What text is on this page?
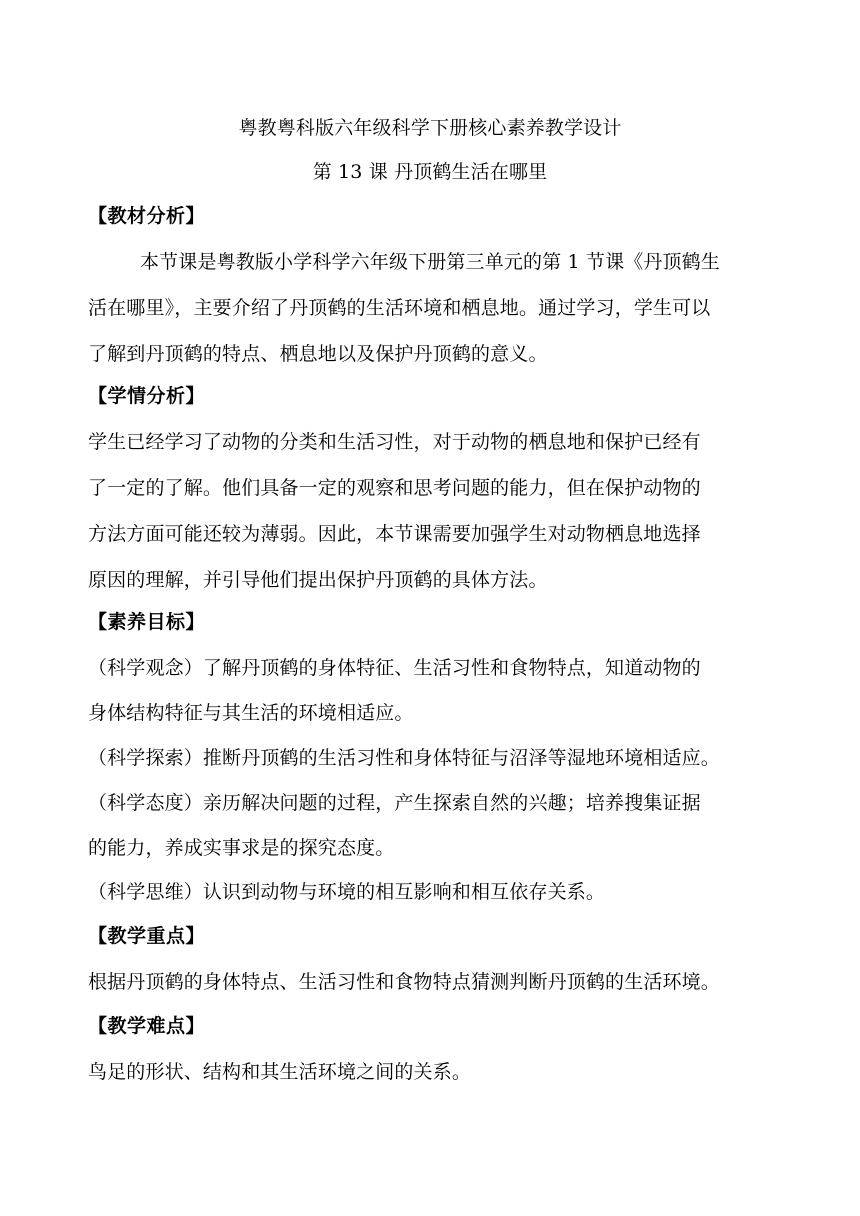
粤教粤科版六年级科学下册核心素养教学设计
第 13 课 丹顶鹤生活在哪里
【教材分析】
本节课是粤教版小学科学六年级下册第三单元的第 1 节课《丹顶鹤生
活在哪里》，主要介绍了丹顶鹤的生活环境和栖息地。通过学习，学生可以
了解到丹顶鹤的特点、栖息地以及保护丹顶鹤的意义。
【学情分析】
学生已经学习了动物的分类和生活习性，对于动物的栖息地和保护已经有
了一定的了解。他们具备一定的观察和思考问题的能力，但在保护动物的
方法方面可能还较为薄弱。因此，本节课需要加强学生对动物栖息地选择
原因的理解，并引导他们提出保护丹顶鹤的具体方法。
【素养目标】
（科学观念）了解丹顶鹤的身体特征、生活习性和食物特点，知道动物的
身体结构特征与其生活的环境相适应。
（科学探索）推断丹顶鹤的生活习性和身体特征与沼泽等湿地环境相适应。
（科学态度）亲历解决问题的过程，产生探索自然的兴趣；培养搜集证据
的能力，养成实事求是的探究态度。
（科学思维）认识到动物与环境的相互影响和相互依存关系。
【教学重点】
根据丹顶鹤的身体特点、生活习性和食物特点猜测判断丹顶鹤的生活环境。
【教学难点】
鸟足的形状、结构和其生活环境之间的关系。
